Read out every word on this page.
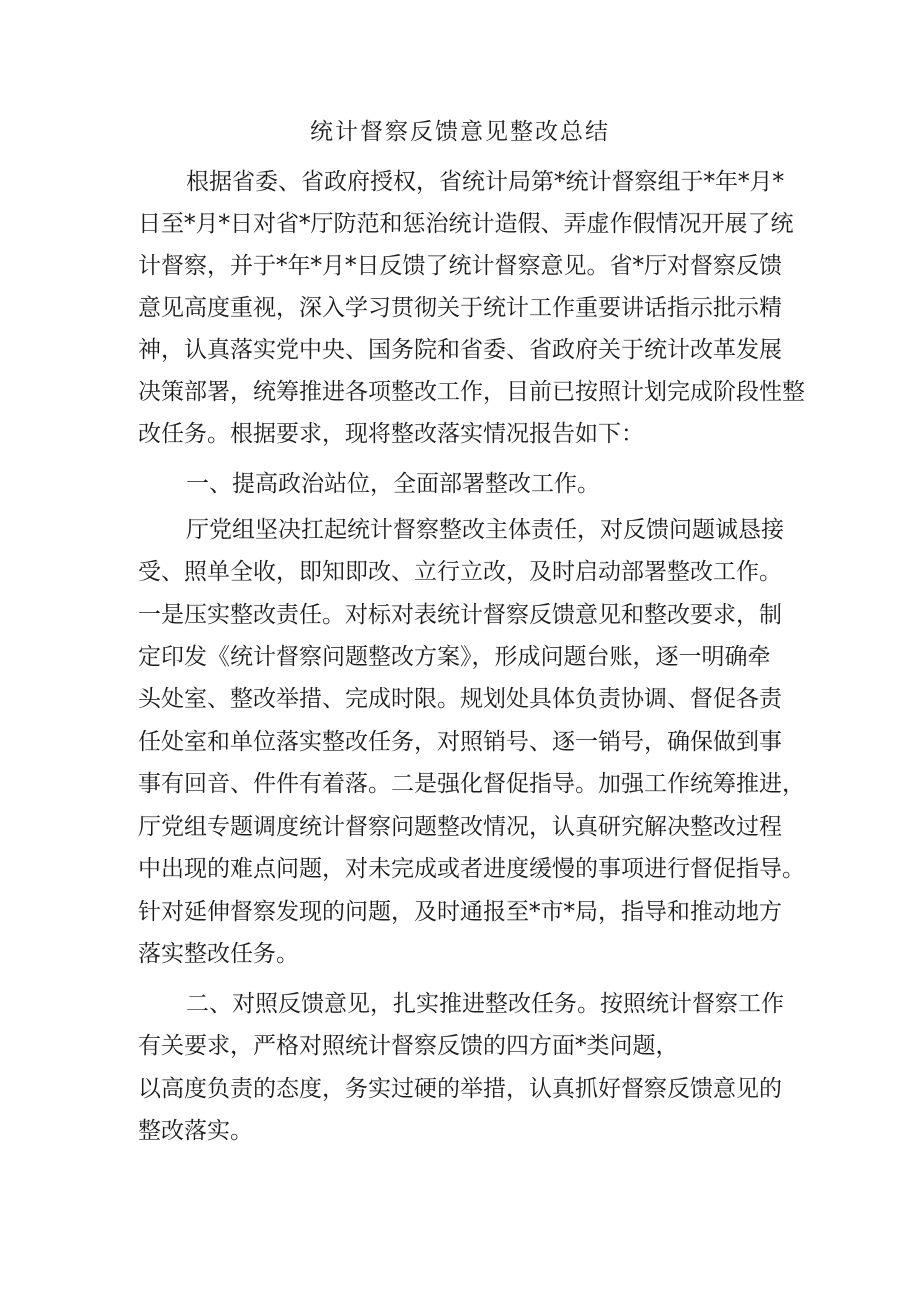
统计督察反馈意见整改总结
根据省委、省政府授权，省统计局第*统计督察组于*年*月*
日至*月*日对省*厅防范和惩治统计造假、弄虚作假情况开展了统
计督察，并于*年*月*日反馈了统计督察意见。省*厅对督察反馈
意见高度重视，深入学习贯彻关于统计工作重要讲话指示批示精
神，认真落实党中央、国务院和省委、省政府关于统计改革发展
决策部署，统筹推进各项整改工作，目前已按照计划完成阶段性整
改任务。根据要求，现将整改落实情况报告如下：
一、提高政治站位，全面部署整改工作。
厅党组坚决扛起统计督察整改主体责任，对反馈问题诚恳接
受、照单全收，即知即改、立行立改，及时启动部署整改工作。
一是压实整改责任。对标对表统计督察反馈意见和整改要求，制
定印发《统计督察问题整改方案》，形成问题台账，逐一明确牵
头处室、整改举措、完成时限。规划处具体负责协调、督促各责
任处室和单位落实整改任务，对照销号、逐一销号，确保做到事
事有回音、件件有着落。二是强化督促指导。加强工作统筹推进，
厅党组专题调度统计督察问题整改情况，认真研究解决整改过程
中出现的难点问题，对未完成或者进度缓慢的事项进行督促指导。
针对延伸督察发现的问题，及时通报至*市*局，指导和推动地方
落实整改任务。
二、对照反馈意见，扎实推进整改任务。按照统计督察工作
有关要求，严格对照统计督察反馈的四方面*类问题，
以高度负责的态度，务实过硬的举措，认真抓好督察反馈意见的
整改落实。
